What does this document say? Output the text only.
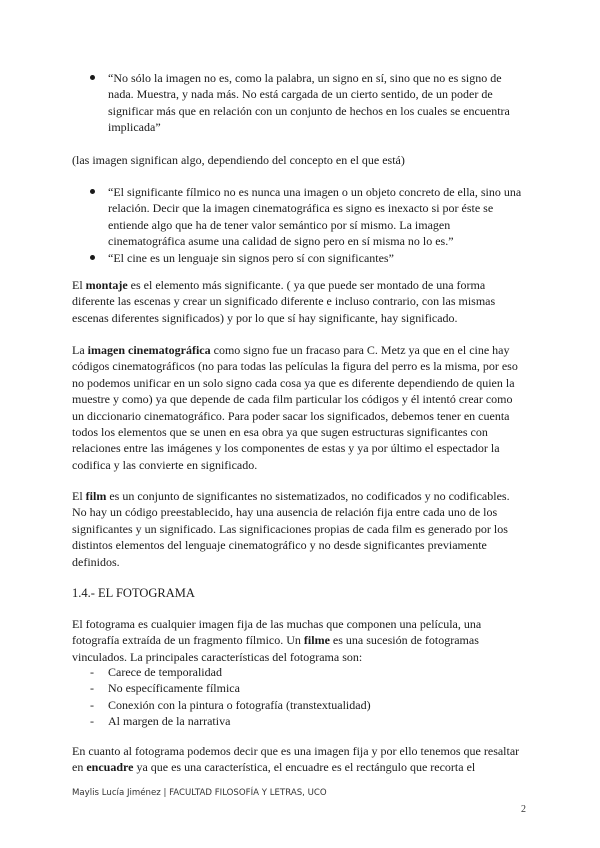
“No sólo la imagen no es, como la palabra, un signo en sí, sino que no es signo de nada. Muestra, y nada más. No está cargada de un cierto sentido, de un poder de significar más que en relación con un conjunto de hechos en los cuales se encuentra implicada”

(las imagen significan algo, dependiendo del concepto en el que está)

“El significante fílmico no es nunca una imagen o un objeto concreto de ella, sino una relación. Decir que la imagen cinematográfica es signo es inexacto si por éste se entiende algo que ha de tener valor semántico por sí mismo. La imagen cinematográfica asume una calidad de signo pero en sí misma no lo es.”
“El cine es un lenguaje sin signos pero sí con significantes”

El montaje es el elemento más significante. ( ya que puede ser montado de una forma diferente las escenas y crear un significado diferente e incluso contrario, con las mismas escenas diferentes significados) y por lo que sí hay significante, hay significado.

La imagen cinematográfica como signo fue un fracaso para C. Metz ya que en el cine hay códigos cinematográficos (no para todas las películas la figura del perro es la misma, por eso no podemos unificar en un solo signo cada cosa ya que es diferente dependiendo de quien la muestre y como) ya que depende de cada film particular los códigos y él intentó crear como un diccionario cinematográfico. Para poder sacar los significados, debemos tener en cuenta todos los elementos que se unen en esa obra ya que sugen estructuras significantes con relaciones entre las imágenes y los componentes de estas y ya por último el espectador la codifica y las convierte en significado.

El film es un conjunto de significantes no sistematizados, no codificados y no codificables. No hay un código preestablecido, hay una ausencia de relación fija entre cada uno de los significantes y un significado. Las significaciones propias de cada film es generado por los distintos elementos del lenguaje cinematográfico y no desde significantes previamente definidos.

1.4.- EL FOTOGRAMA

El fotograma es cualquier imagen fija de las muchas que componen una película, una fotografía extraída de un fragmento fílmico. Un filme es una sucesión de fotogramas vinculados. La principales características del fotograma son:

- Carece de temporalidad
- No específicamente fílmica
- Conexión con la pintura o fotografía (transtextualidad)
- Al margen de la narrativa

En cuanto al fotograma podemos decir que es una imagen fija y por ello tenemos que resaltar en encuadre ya que es una característica, el encuadre es el rectángulo que recorta el

Maylis Lucía Jiménez | FACULTAD FILOSOFÍA Y LETRAS, UCO
2
